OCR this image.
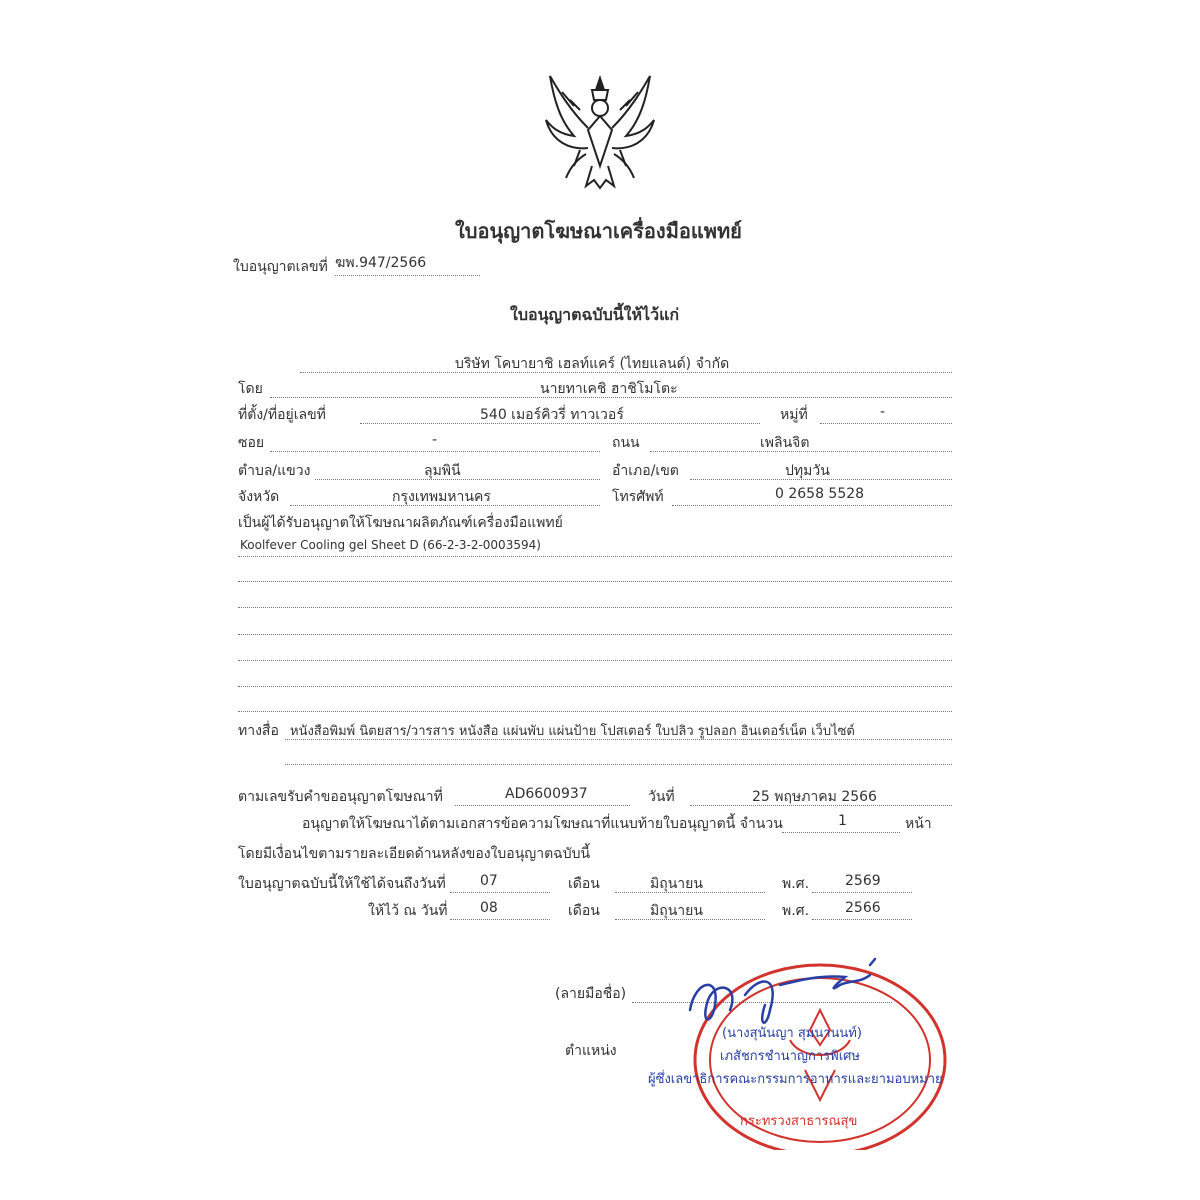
ใบอนุญาตโฆษณาเครื่องมือแพทย์
ใบอนุญาตเลขที่ ฆพ.947/2566
ใบอนุญาตฉบับนี้ให้ไว้แก่
บริษัท โคบายาชิ เฮลท์แคร์ (ไทยแลนด์) จำกัด
โดย	นายทาเคชิ ฮาชิโมโตะ
ที่ตั้ง/ที่อยู่เลขที่	540 เมอร์คิวรี่ ทาวเวอร์	หมู่ที่	-
ซอย	-	ถนน	เพลินจิต
ตำบล/แขวง	ลุมพินี	อำเภอ/เขต	ปทุมวัน
จังหวัด	กรุงเทพมหานคร	โทรศัพท์	0 2658 5528
เป็นผู้ได้รับอนุญาตให้โฆษณาผลิตภัณฑ์เครื่องมือแพทย์
Koolfever Cooling gel Sheet D (66-2-3-2-0003594)
ทางสื่อ หนังสือพิมพ์ นิตยสาร/วารสาร หนังสือ แผ่นพับ แผ่นป้าย โปสเตอร์ ใบปลิว รูปลอก อินเตอร์เน็ต เว็บไซต์
ตามเลขรับคำขออนุญาตโฆษณาที่	AD6600937	วันที่	25 พฤษภาคม 2566
อนุญาตให้โฆษณาได้ตามเอกสารข้อความโฆษณาที่แนบท้ายใบอนุญาตนี้ จำนวน	1	หน้า
โดยมีเงื่อนไขตามรายละเอียดด้านหลังของใบอนุญาตฉบับนี้
ใบอนุญาตฉบับนี้ให้ใช้ได้จนถึงวันที่ 07	เดือน	มิถุนายน	พ.ศ.	2569
ให้ไว้ ณ วันที่ 08	เดือน	มิถุนายน	พ.ศ.	2566
(ลายมือชื่อ)
ตำแหน่ง
(นางสุนันญา สุมนานนท์)
เภสัชกรชำนาญการพิเศษ
ผู้ซึ่งเลขาธิการคณะกรรมการอาหารและยามอบหมาย
กระทรวงสาธารณสุข
